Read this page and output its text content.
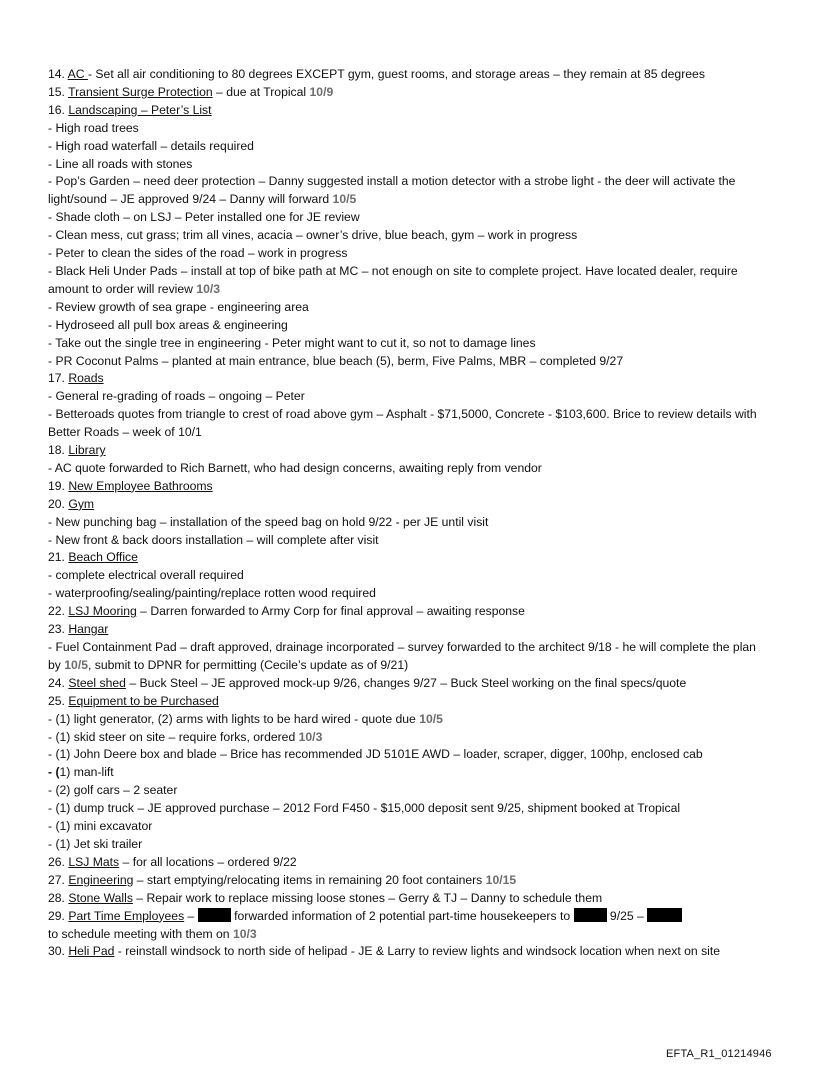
14. AC - Set all air conditioning to 80 degrees EXCEPT gym, guest rooms, and storage areas – they remain at 85 degrees
15. Transient Surge Protection – due at Tropical 10/9
16. Landscaping – Peter’s List
- High road trees
- High road waterfall – details required
- Line all roads with stones
- Pop’s Garden – need deer protection – Danny suggested install a motion detector with a strobe light - the deer will activate the light/sound – JE approved 9/24 – Danny will forward 10/5
- Shade cloth – on LSJ – Peter installed one for JE review
- Clean mess, cut grass; trim all vines, acacia – owner’s drive, blue beach, gym – work in progress
- Peter to clean the sides of the road – work in progress
- Black Heli Under Pads – install at top of bike path at MC – not enough on site to complete project. Have located dealer, require amount to order will review 10/3
- Review growth of sea grape - engineering area
- Hydroseed all pull box areas & engineering
- Take out the single tree in engineering - Peter might want to cut it, so not to damage lines
- PR Coconut Palms – planted at main entrance, blue beach (5), berm, Five Palms, MBR – completed 9/27
17. Roads
- General re-grading of roads – ongoing – Peter
- Betteroads quotes from triangle to crest of road above gym – Asphalt - $71,5000, Concrete - $103,600. Brice to review details with Better Roads – week of 10/1
18. Library
- AC quote forwarded to Rich Barnett, who had design concerns, awaiting reply from vendor
19. New Employee Bathrooms
20. Gym
- New punching bag – installation of the speed bag on hold 9/22 - per JE until visit
- New front & back doors installation – will complete after visit
21. Beach Office
- complete electrical overall required
- waterproofing/sealing/painting/replace rotten wood required
22. LSJ Mooring – Darren forwarded to Army Corp for final approval – awaiting response
23. Hangar
- Fuel Containment Pad – draft approved, drainage incorporated – survey forwarded to the architect 9/18 - he will complete the plan by 10/5, submit to DPNR for permitting (Cecile’s update as of 9/21)
24. Steel shed – Buck Steel – JE approved mock-up 9/26, changes 9/27 – Buck Steel working on the final specs/quote
25. Equipment to be Purchased
- (1) light generator, (2) arms with lights to be hard wired - quote due 10/5
- (1) skid steer on site – require forks, ordered 10/3
- (1) John Deere box and blade – Brice has recommended JD 5101E AWD – loader, scraper, digger, 100hp, enclosed cab
- (1) man-lift
- (2) golf cars – 2 seater
- (1) dump truck – JE approved purchase – 2012 Ford F450 - $15,000 deposit sent 9/25, shipment booked at Tropical
- (1) mini excavator
- (1) Jet ski trailer
26. LSJ Mats – for all locations – ordered 9/22
27. Engineering – start emptying/relocating items in remaining 20 foot containers 10/15
28. Stone Walls – Repair work to replace missing loose stones – Gerry & TJ – Danny to schedule them
29. Part Time Employees –	forwarded information of 2 potential part-time housekeepers to	9/25 –
to schedule meeting with them on 10/3
30. Heli Pad - reinstall windsock to north side of helipad - JE & Larry to review lights and windsock location when next on site
EFTA_R1_01214946
